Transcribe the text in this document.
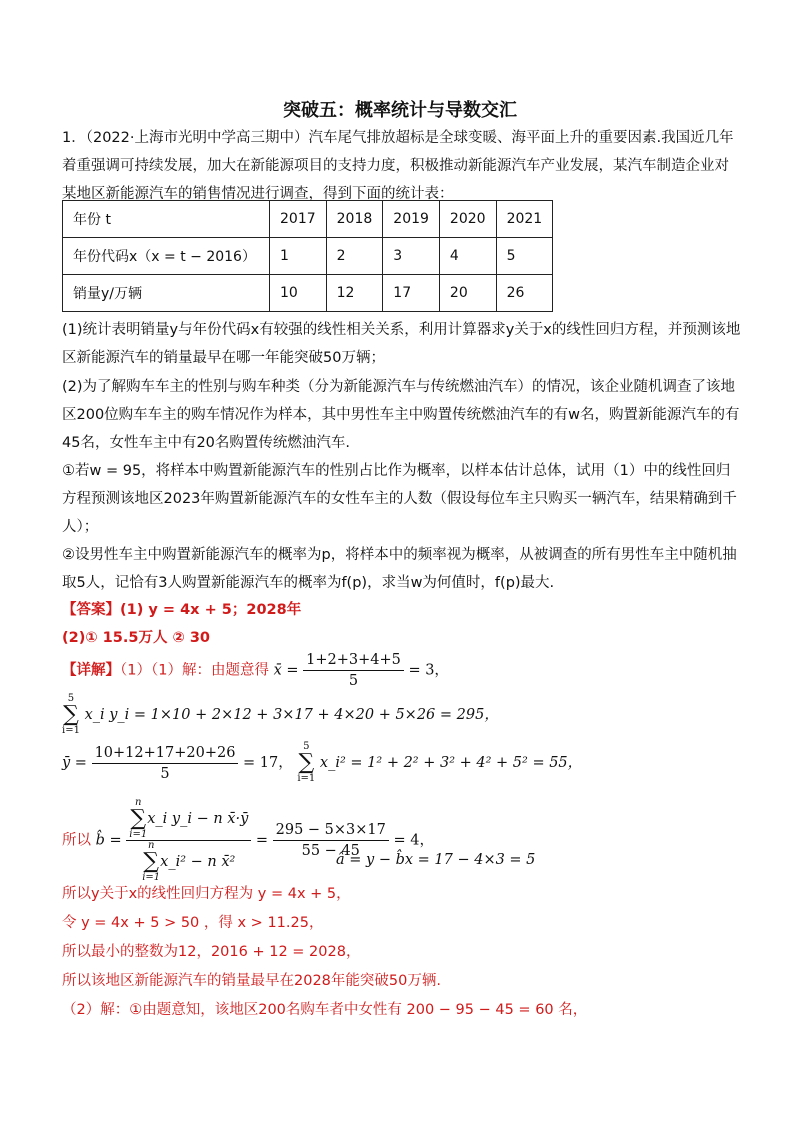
突破五：概率统计与导数交汇
1．（2022·上海市光明中学高三期中）汽车尾气排放超标是全球变暖、海平面上升的重要因素.我国近几年着重强调可持续发展，加大在新能源项目的支持力度，积极推动新能源汽车产业发展，某汽车制造企业对某地区新能源汽车的销售情况进行调查，得到下面的统计表：
年份 t	2017	2018	2019	2020	2021
年份代码x（x = t − 2016）	1	2	3	4	5
销量y/万辆	10	12	17	20	26
(1)统计表明销量y与年份代码x有较强的线性相关关系，利用计算器求y关于x的线性回归方程，并预测该地区新能源汽车的销量最早在哪一年能突破50万辆；
(2)为了解购车车主的性别与购车种类（分为新能源汽车与传统燃油汽车）的情况，该企业随机调查了该地区200位购车车主的购车情况作为样本，其中男性车主中购置传统燃油汽车的有w名，购置新能源汽车的有45名，女性车主中有20名购置传统燃油汽车.
①若w = 95，将样本中购置新能源汽车的性别占比作为概率，以样本估计总体，试用（1）中的线性回归方程预测该地区2023年购置新能源汽车的女性车主的人数（假设每位车主只购买一辆汽车，结果精确到千人）；
②设男性车主中购置新能源汽车的概率为p，将样本中的频率视为概率，从被调查的所有男性车主中随机抽取5人，记恰有3人购置新能源汽车的概率为f(p)，求当w为何值时，f(p)最大.
【答案】(1) y = 4x + 5；2028年
(2)① 15.5万人 ② 30
【详解】（1）（1）解：由题意得 x̄ = $\frac{1+2+3+4+5}{5} = 3$，
5
∑
i=1
x_i y_i = 1×10 + 2×12 + 3×17 + 4×20 + 5×26 = 295，
ȳ = $\frac{10+12+17+20+26}{5} = 17$，
5
∑
i=1
x_i² = 1² + 2² + 3² + 4² + 5² = 55，
所以 b̂ = n
∑
i=1
x_i y_i − n x̄·ȳ
n
∑
i=1
x_i² − n x̄² = $\frac{295 - 5\times 3\times 17}{55 - 45} = 4$，
â = y − b̂x = 17 − 4×3 = 5
所以y关于x的线性回归方程为 y = 4x + 5，
令 y = 4x + 5 > 50 ，得 x > 11.25，
所以最小的整数为12，2016 + 12 = 2028，
所以该地区新能源汽车的销量最早在2028年能突破50万辆.
（2）解：①由题意知，该地区200名购车者中女性有 200 − 95 − 45 = 60 名，
